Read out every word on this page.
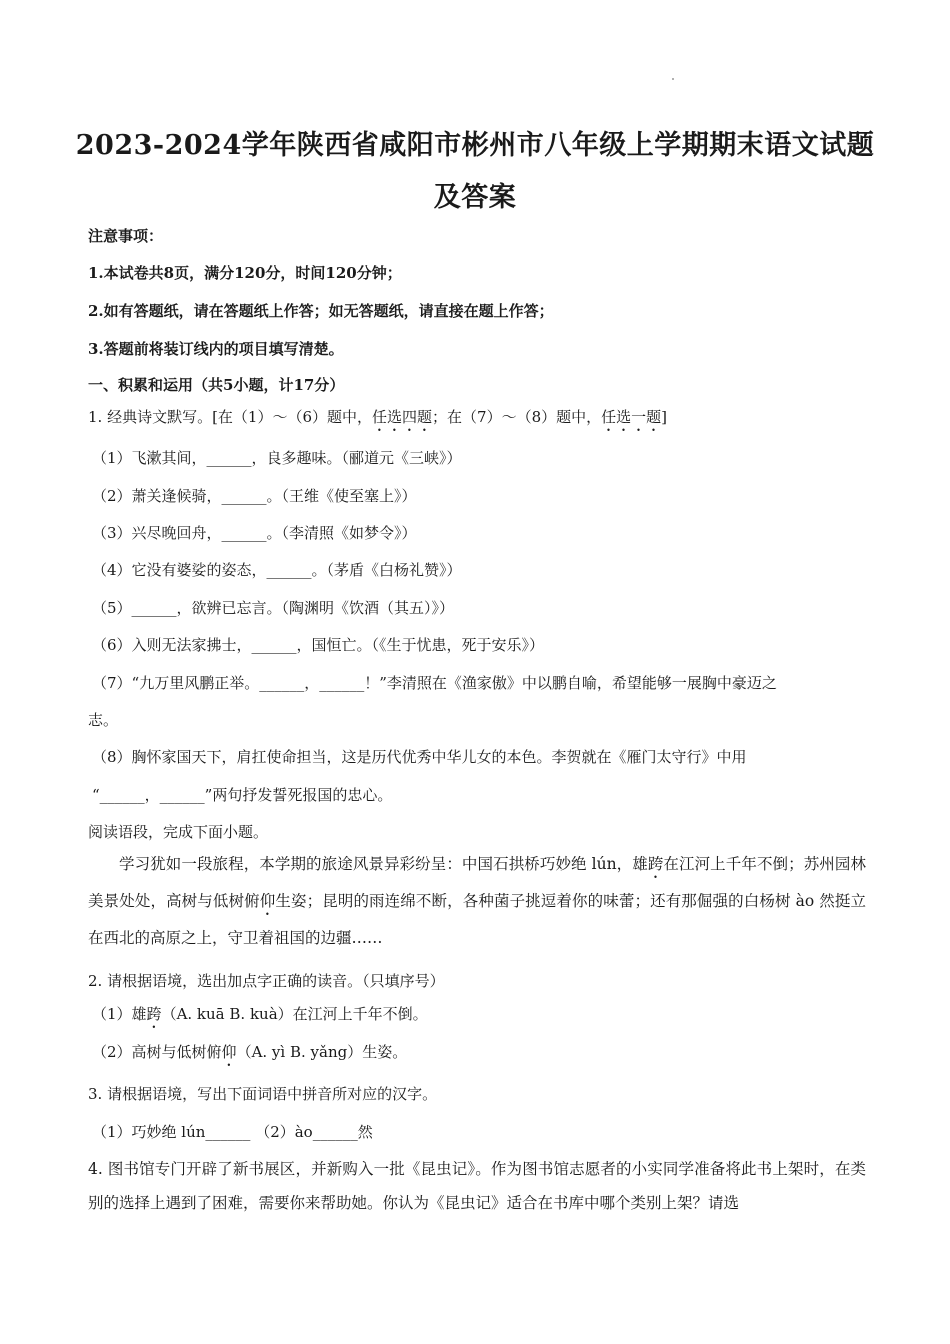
2023-2024学年陕西省咸阳市彬州市八年级上学期期末语文试题及答案
注意事项：
1.本试卷共8页，满分120分，时间120分钟；
2.如有答题纸，请在答题纸上作答；如无答题纸，请直接在题上作答；
3.答题前将装订线内的项目填写清楚。
一、积累和运用（共5小题，计17分）
1. 经典诗文默写。[在（1）～（6）题中，任选四题；在（7）～（8）题中，任选一题]
（1）飞漱其间，______，良多趣味。（郦道元《三峡》）
（2）萧关逢候骑，______。（王维《使至塞上》）
（3）兴尽晚回舟，______。（李清照《如梦令》）
（4）它没有婆娑的姿态，______。（茅盾《白杨礼赞》）
（5）______，欲辨已忘言。（陶渊明《饮酒（其五）》）
（6）入则无法家拂士，______，国恒亡。（《生于忧患，死于安乐》）
（7）“九万里风鹏正举。______，______！”李清照在《渔家傲》中以鹏自喻，希望能够一展胸中豪迈之
志。
（8）胸怀家国天下，肩扛使命担当，这是历代优秀中华儿女的本色。李贺就在《雁门太守行》中用
“______，______”两句抒发誓死报国的忠心。
阅读语段，完成下面小题。
学习犹如一段旅程，本学期的旅途风景异彩纷呈：中国石拱桥巧妙绝 lún，雄跨在江河上千年不倒；苏州园林美景处处，高树与低树俯仰生姿；昆明的雨连绵不断，各种菌子挑逗着你的味蕾；还有那倔强的白杨树 ào 然挺立在西北的高原之上，守卫着祖国的边疆……
2. 请根据语境，选出加点字正确的读音。（只填序号）
（1）雄跨（A. kuā B. kuà）在江河上千年不倒。
（2）高树与低树俯仰（A. yì B. yǎng）生姿。
3. 请根据语境，写出下面词语中拼音所对应的汉字。
（1）巧妙绝 lún______ （2）ào______然
4. 图书馆专门开辟了新书展区，并新购入一批《昆虫记》。作为图书馆志愿者的小实同学准备将此书上架时，在类别的选择上遇到了困难，需要你来帮助她。你认为《昆虫记》适合在书库中哪个类别上架？请选
